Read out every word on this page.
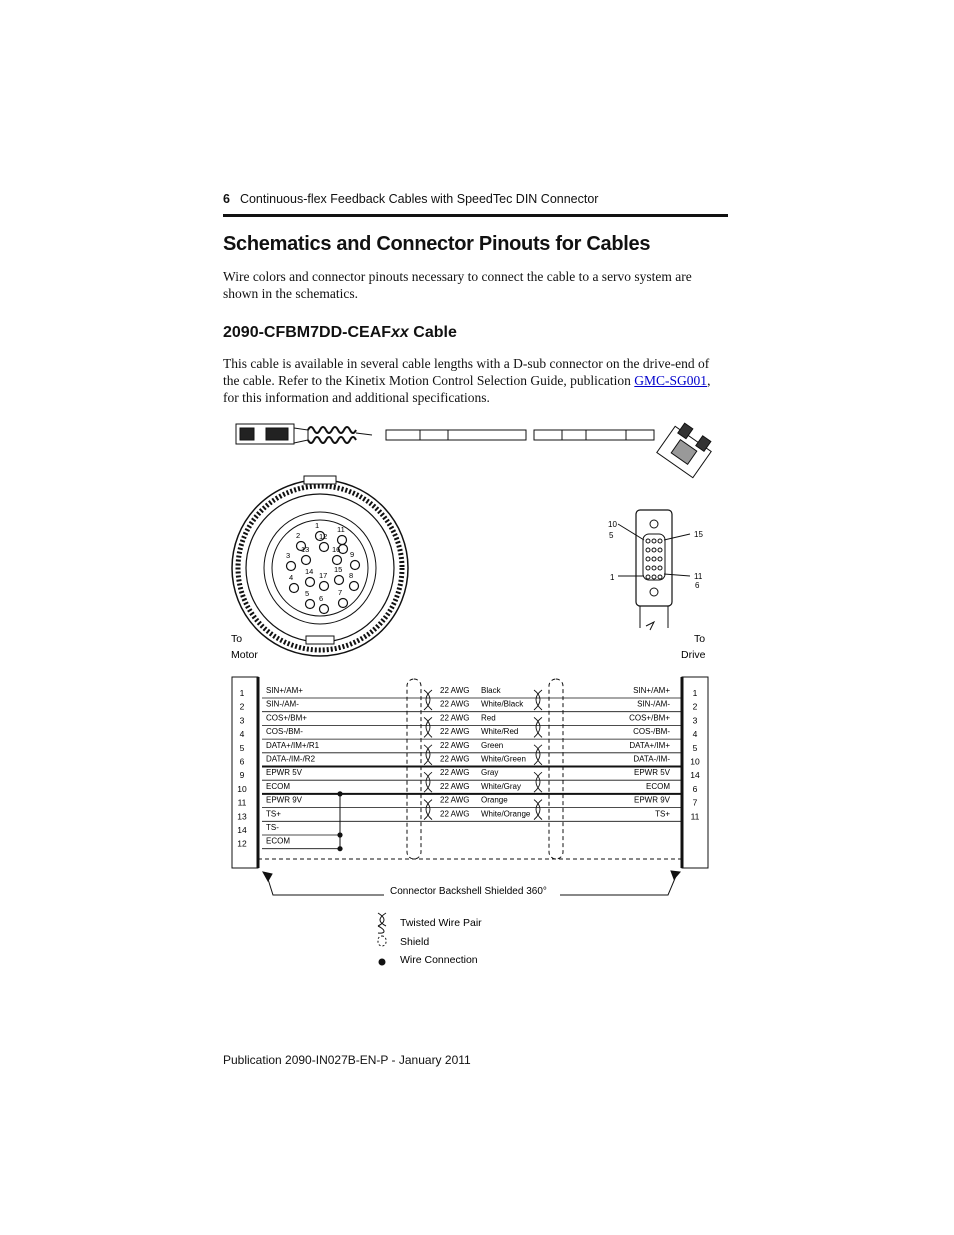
6 Continuous-flex Feedback Cables with SpeedTec DIN Connector
Schematics and Connector Pinouts for Cables

Wire colors and connector pinouts necessary to connect the cable to a servo system are shown in the schematics.

2090-CFBM7DD-CEAFxx Cable

This cable is available in several cable lengths with a D-sub connector on the drive-end of the cable. Refer to the Kinetix Motion Control Selection Guide, publication GMC-SG001, for this information and additional specifications.

1
2
3
4
5
6
7
8
9
11
12
13
14	15
16
17
10
5
1
15
11
6
To
Motor
To
Drive
1	SIN+/AM+	22 AWG Black	SIN+/AM+	1
2	SIN-/AM-	22 AWG White/Black	SIN-/AM-	2
3	COS+/BM+	22 AWG Red	COS+/BM+	3
4	COS-/BM-	22 AWG White/Red	COS-/BM-	4
5	DATA+/IM+/R1	22 AWG Green	DATA+/IM+	5
6	DATA-/IM-/R2	22 AWG White/Green	DATA-/IM- 10
9	EPWR 5V	22 AWG Gray	EPWR 5V 14
10 ECOM	22 AWG White/Gray	ECOM	6
11 EPWR 9V	22 AWG Orange	EPWR 9V	7
13 TS+	22 AWG White/Orange	TS+ 11
14 TS-
12 ECOM
Connector Backshell Shielded 360°
Twisted Wire Pair
Shield
Wire Connection
Publication 2090-IN027B-EN-P - January 2011
